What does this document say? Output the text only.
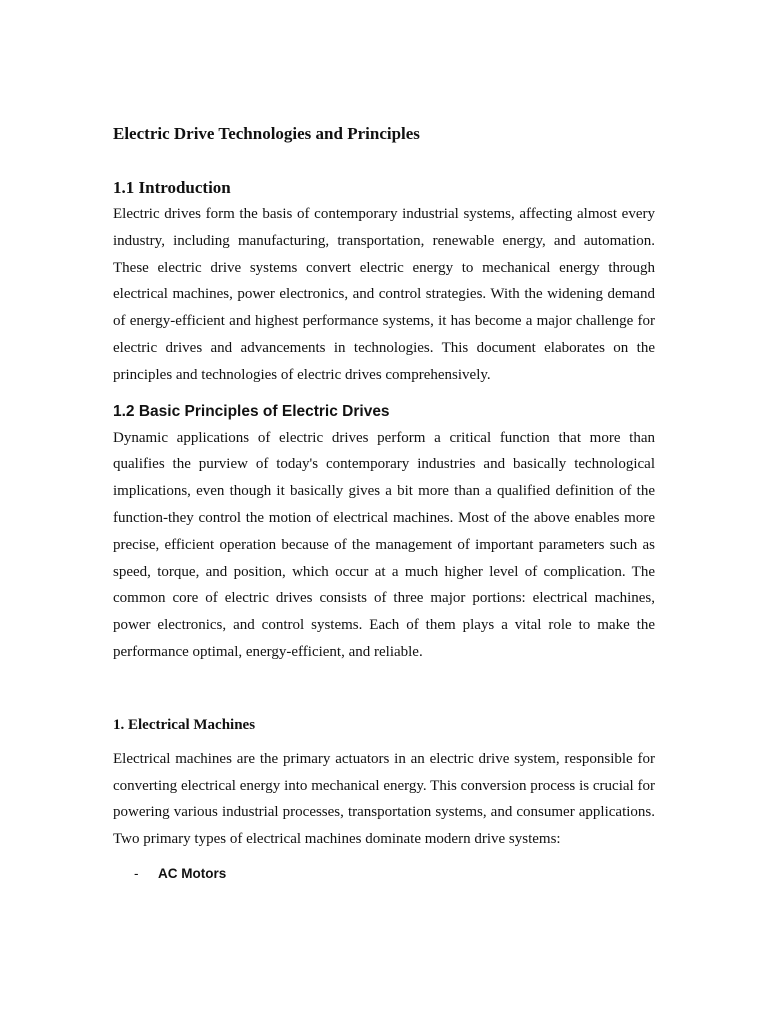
Electric Drive Technologies and Principles
1.1 Introduction

Electric drives form the basis of contemporary industrial systems, affecting almost every industry, including manufacturing, transportation, renewable energy, and automation. These electric drive systems convert electric energy to mechanical energy through electrical machines, power electronics, and control strategies. With the widening demand of energy-efficient and highest performance systems, it has become a major challenge for electric drives and advancements in technologies. This document elaborates on the principles and technologies of electric drives comprehensively.

1.2 Basic Principles of Electric Drives

Dynamic applications of electric drives perform a critical function that more than qualifies the purview of today's contemporary industries and basically technological implications, even though it basically gives a bit more than a qualified definition of the function-they control the motion of electrical machines. Most of the above enables more precise, efficient operation because of the management of important parameters such as speed, torque, and position, which occur at a much higher level of complication. The common core of electric drives consists of three major portions: electrical machines, power electronics, and control systems. Each of them plays a vital role to make the performance optimal, energy-efficient, and reliable.

1. Electrical Machines

Electrical machines are the primary actuators in an electric drive system, responsible for converting electrical energy into mechanical energy. This conversion process is crucial for powering various industrial processes, transportation systems, and consumer applications. Two primary types of electrical machines dominate modern drive systems:

-	AC Motors
